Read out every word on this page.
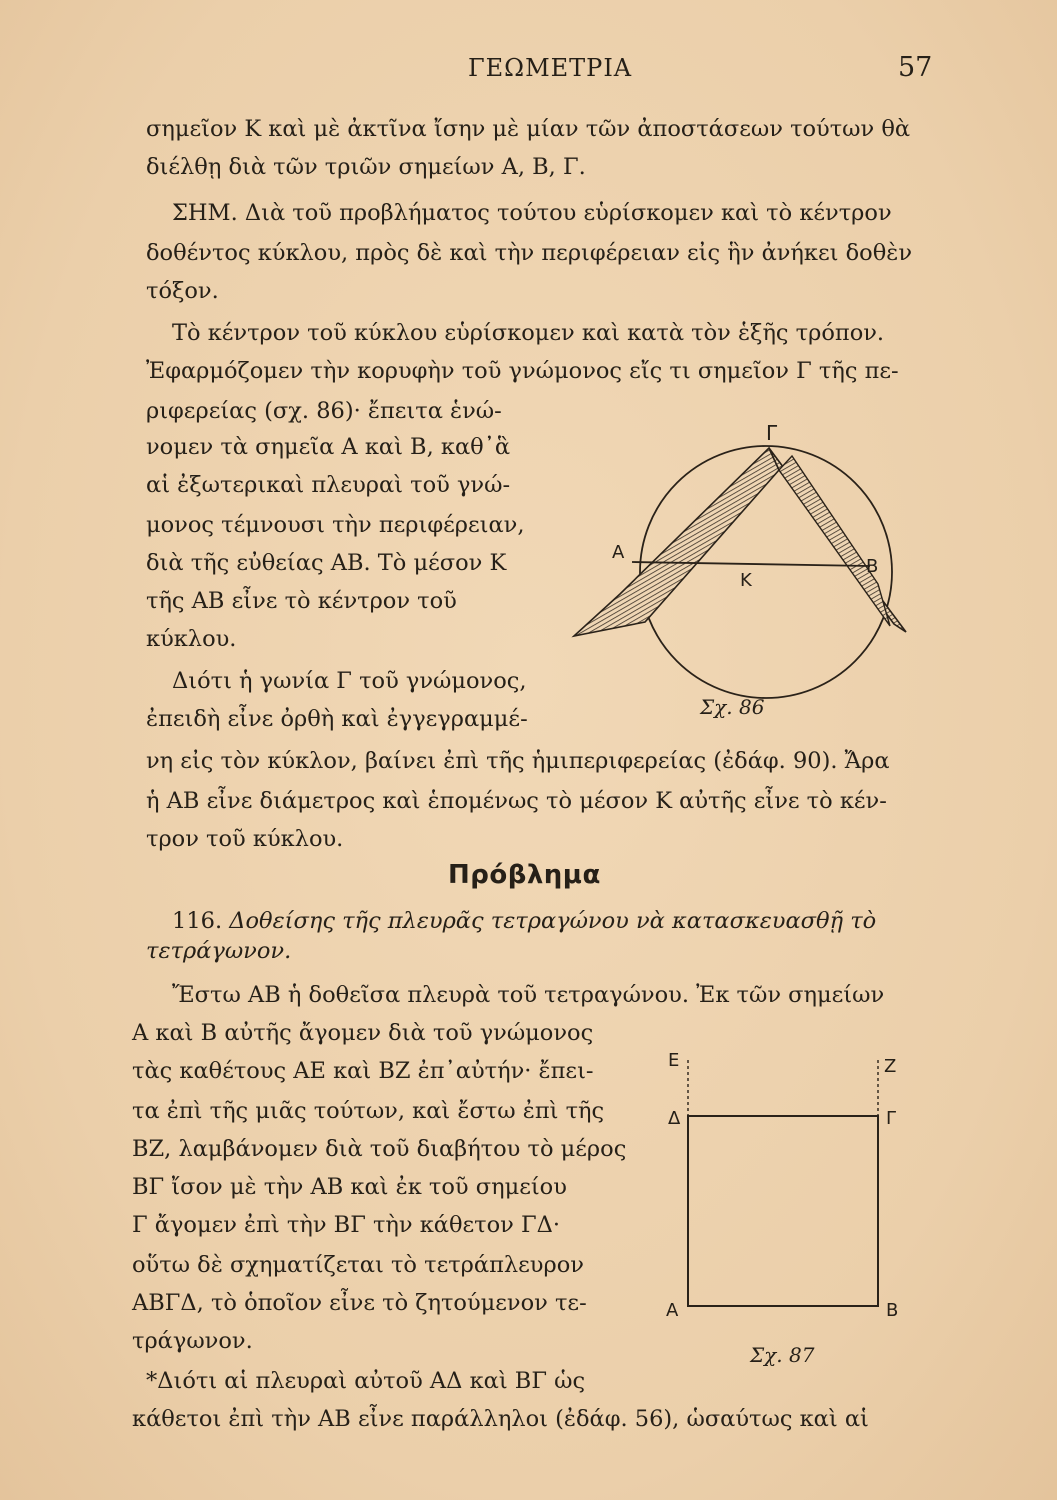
ΓΕΩΜΕΤΡΙΑ	57
σημεῖον Κ καὶ μὲ ἀκτῖνα ἴσην μὲ μίαν τῶν ἀποστάσεων τούτων θὰ
διέλθῃ διὰ τῶν τριῶν σημείων Α, Β, Γ.
ΣΗΜ. Διὰ τοῦ προβλήματος τούτου εὑρίσκομεν καὶ τὸ κέντρον
δοθέντος κύκλου, πρὸς δὲ καὶ τὴν περιφέρειαν εἰς ἣν ἀνήκει δοθὲν
τόξον.
Τὸ κέντρον τοῦ κύκλου εὑρίσκομεν καὶ κατὰ τὸν ἑξῆς τρόπον.
Ἐφαρμόζομεν τὴν κορυφὴν τοῦ γνώμονος εἴς τι σημεῖον Γ τῆς πε-
ριφερείας (σχ. 86)· ἔπειτα ἑνώ-
νομεν τὰ σημεῖα Α καὶ Β, καθ᾽ἃ
αἱ ἐξωτερικαὶ πλευραὶ τοῦ γνώ-
μονος τέμνουσι τὴν περιφέρειαν,
διὰ τῆς εὐθείας ΑΒ. Τὸ μέσον Κ
τῆς ΑΒ εἶνε τὸ κέντρον τοῦ
κύκλου.
Διότι ἡ γωνία Γ τοῦ γνώμονος,
ἐπειδὴ εἶνε ὀρθὴ καὶ ἐγγεγραμμέ-
νη εἰς τὸν κύκλον, βαίνει ἐπὶ τῆς ἡμιπεριφερείας (ἐδάφ. 90). Ἄρα
ἡ ΑΒ εἶνε διάμετρος καὶ ἑπομένως τὸ μέσον Κ αὐτῆς εἶνε τὸ κέν-
τρον τοῦ κύκλου.
Γ
Α
Β
Κ
Σχ. 86
Πρόβλημα
116. Δοθείσης τῆς πλευρᾶς τετραγώνου νὰ κατασκευασθῇ τὸ
τετράγωνον.
Ἔστω ΑΒ ἡ δοθεῖσα πλευρὰ τοῦ τετραγώνου. Ἐκ τῶν σημείων
Α καὶ Β αὐτῆς ἄγομεν διὰ τοῦ γνώμονος
τὰς καθέτους ΑΕ καὶ ΒΖ ἐπ᾽αὐτήν· ἔπει-
τα ἐπὶ τῆς μιᾶς τούτων, καὶ ἔστω ἐπὶ τῆς
ΒΖ, λαμβάνομεν διὰ τοῦ διαβήτου τὸ μέρος
ΒΓ ἴσον μὲ τὴν ΑΒ καὶ ἐκ τοῦ σημείου
Γ ἄγομεν ἐπὶ τὴν ΒΓ τὴν κάθετον ΓΔ·
οὕτω δὲ σχηματίζεται τὸ τετράπλευρον
ΑΒΓΔ, τὸ ὁποῖον εἶνε τὸ ζητούμενον τε-
τράγωνον.
*Διότι αἱ πλευραὶ αὐτοῦ ΑΔ καὶ ΒΓ ὡς
κάθετοι ἐπὶ τὴν ΑΒ εἶνε παράλληλοι (ἐδάφ. 56), ὡσαύτως καὶ αἱ
Ε	Ζ
Δ	Γ
Α	Β
Σχ. 87
